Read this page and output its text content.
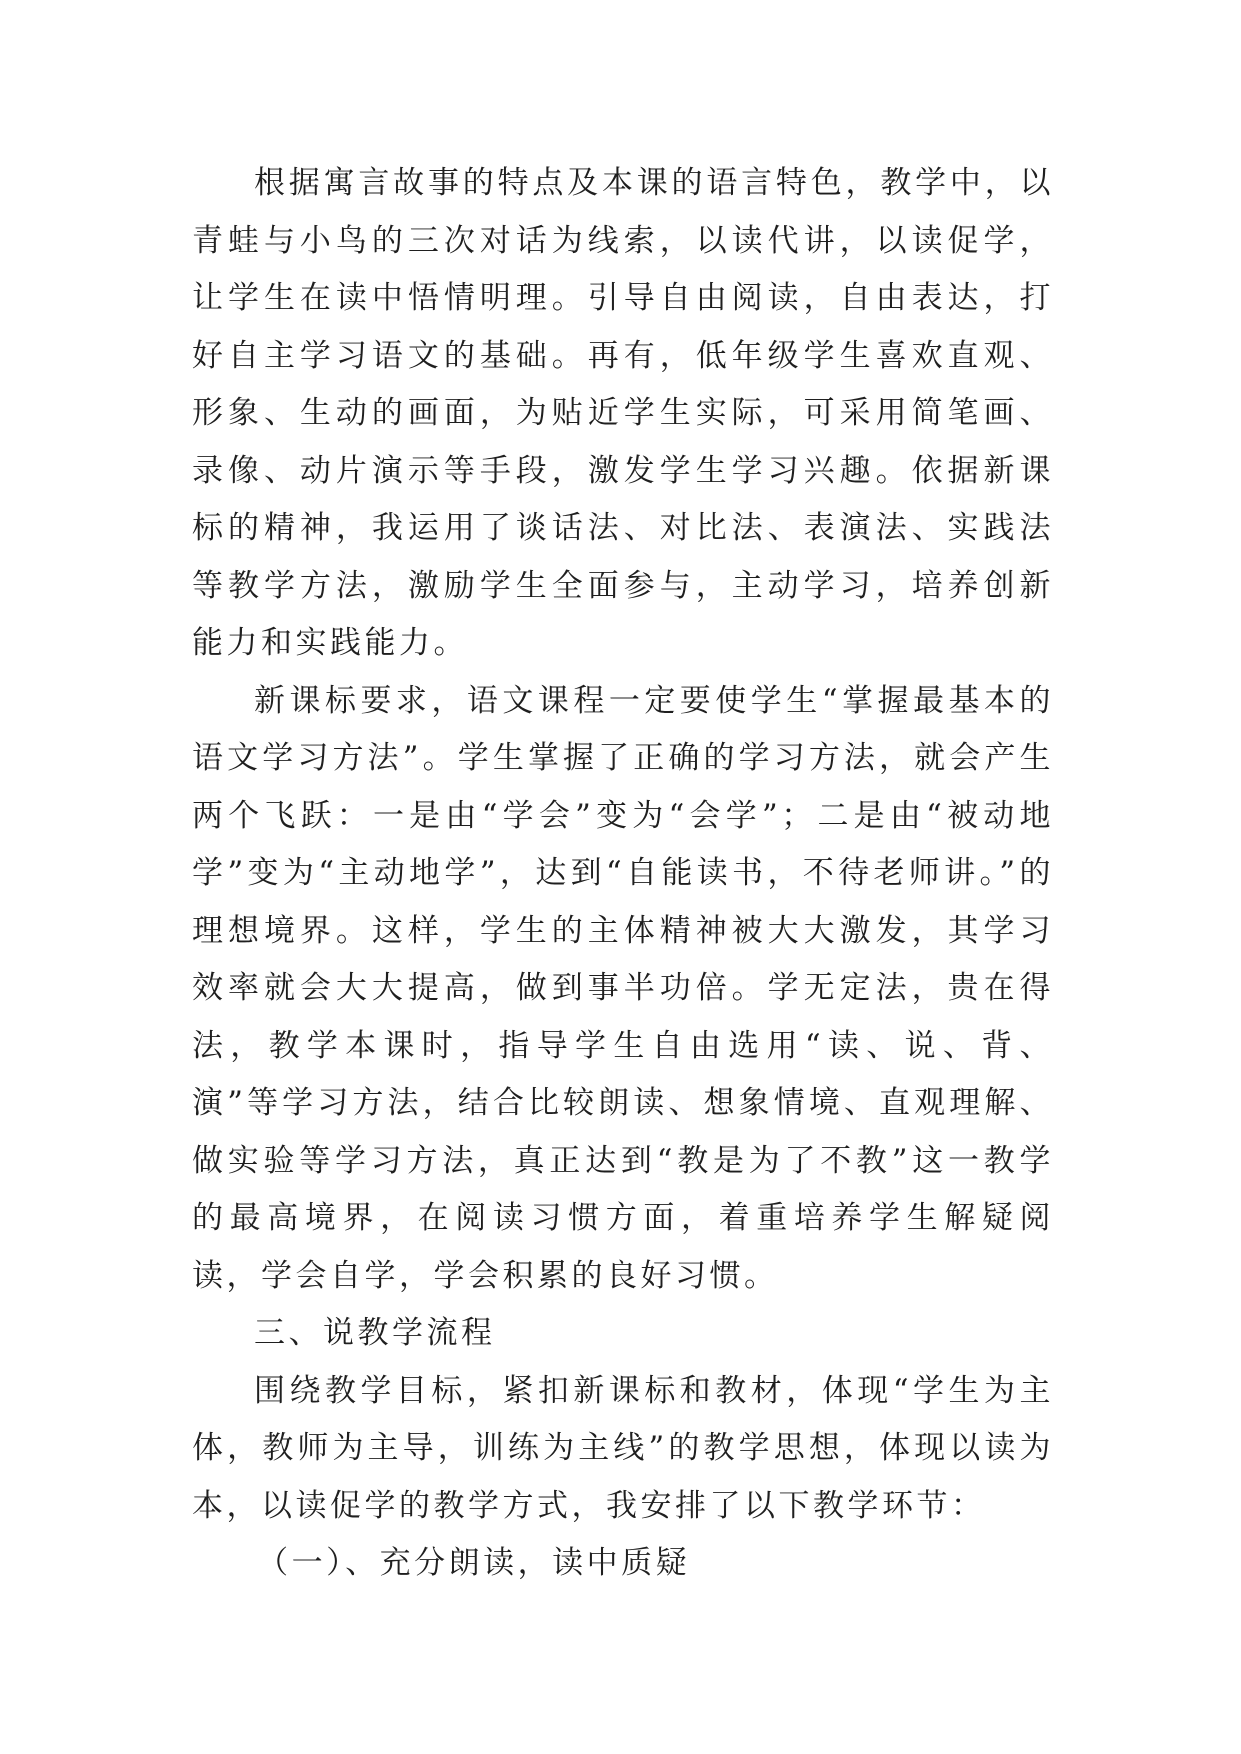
根据寓言故事的特点及本课的语言特色，教学中，以青蛙与小鸟的三次对话为线索，以读代讲，以读促学，让学生在读中悟情明理。引导自由阅读，自由表达，打好自主学习语文的基础。再有，低年级学生喜欢直观、形象、生动的画面，为贴近学生实际，可采用简笔画、录像、动片演示等手段，激发学生学习兴趣。依据新课标的精神，我运用了谈话法、对比法、表演法、实践法等教学方法，激励学生全面参与，主动学习，培养创新能力和实践能力。

新课标要求，语文课程一定要使学生“掌握最基本的语文学习方法”。学生掌握了正确的学习方法，就会产生两个飞跃：一是由“学会”变为“会学”；二是由“被动地学”变为“主动地学”，达到“自能读书，不待老师讲。”的理想境界。这样，学生的主体精神被大大激发，其学习效率就会大大提高，做到事半功倍。学无定法，贵在得法，教学本课时，指导学生自由选用“读、说、背、演”等学习方法，结合比较朗读、想象情境、直观理解、做实验等学习方法，真正达到“教是为了不教”这一教学的最高境界，在阅读习惯方面，着重培养学生解疑阅读，学会自学，学会积累的良好习惯。

三、说教学流程

围绕教学目标，紧扣新课标和教材，体现“学生为主体，教师为主导，训练为主线”的教学思想，体现以读为本，以读促学的教学方式，我安排了以下教学环节：

（一）、充分朗读，读中质疑
